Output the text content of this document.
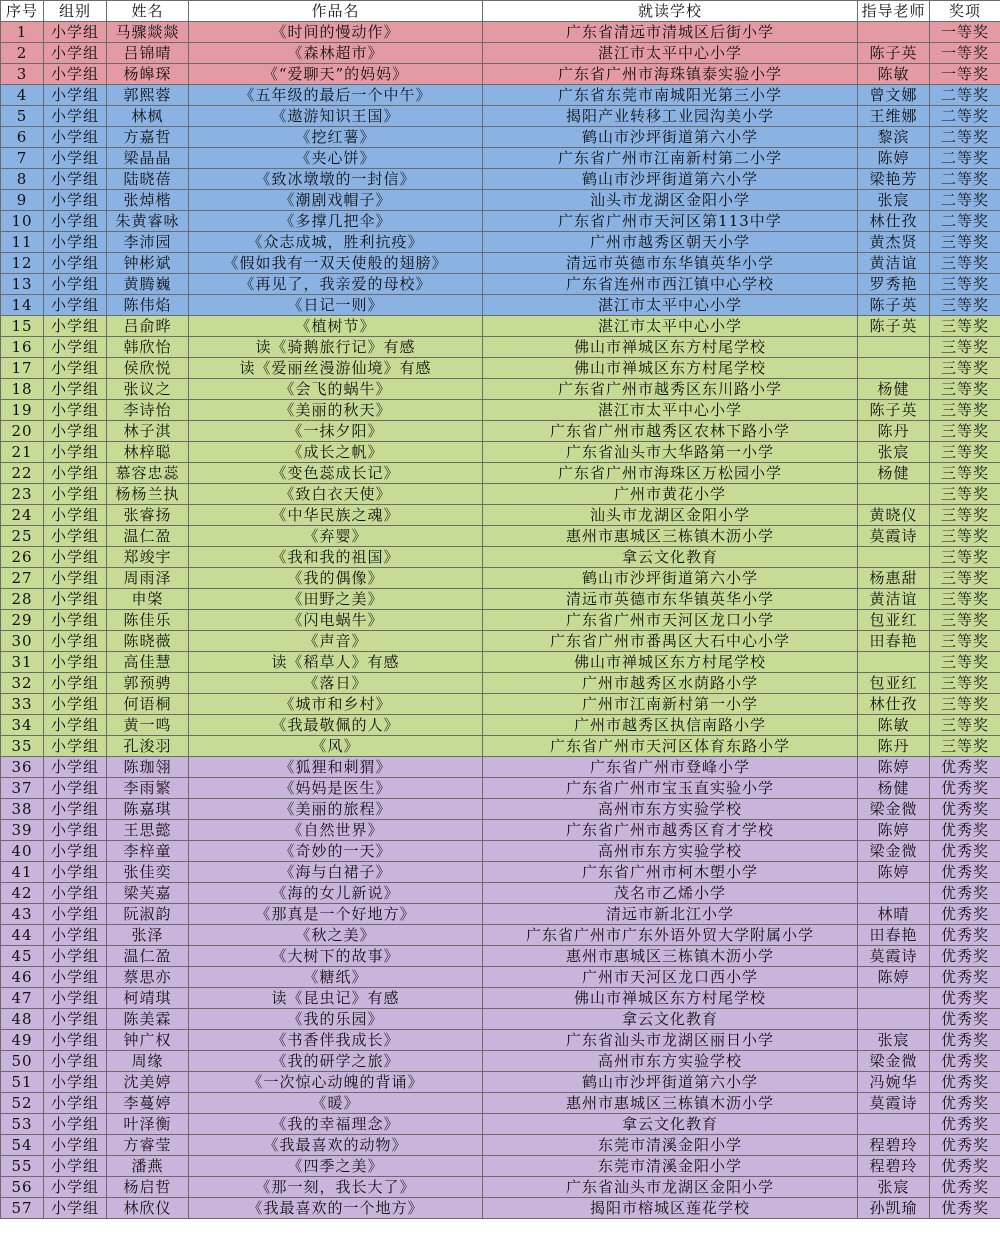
序号	组别	姓名	作品名	就读学校	指导老师	奖项
1	小学组	马骤燚燚	《时间的慢动作》	广东省清远市清城区后街小学		一等奖
2	小学组	吕锦晴	《森林超市》	湛江市太平中心小学	陈子英	一等奖
3	小学组	杨皞琛	《“爱聊天”的妈妈》	广东省广州市海珠镇泰实验小学	陈敏	一等奖
4	小学组	郭熙蓉	《五年级的最后一个中午》	广东省东莞市南城阳光第三小学	曾文娜	二等奖
5	小学组	林枫	《遨游知识王国》	揭阳产业转移工业园沟美小学	王维娜	二等奖
6	小学组	方嘉哲	《挖红薯》	鹤山市沙坪街道第六小学	黎滨	二等奖
7	小学组	梁晶晶	《夹心饼》	广东省广州市江南新村第二小学	陈婷	二等奖
8	小学组	陆晓蓓	《致冰墩墩的一封信》	鹤山市沙坪街道第六小学	梁艳芳	二等奖
9	小学组	张焯楷	《潮剧戏帽子》	汕头市龙湖区金阳小学	张宸	二等奖
10	小学组	朱黄睿咏	《多撑几把伞》	广东省广州市天河区第113中学	林仕孜	二等奖
11	小学组	李沛园	《众志成城，胜利抗疫》	广州市越秀区朝天小学	黄杰贤	三等奖
12	小学组	钟彬斌	《假如我有一双天使般的翅膀》	清远市英德市东华镇英华小学	黄洁谊	三等奖
13	小学组	黄腾巍	《再见了，我亲爱的母校》	广东省连州市西江镇中心学校	罗秀艳	三等奖
14	小学组	陈伟焰	《日记一则》	湛江市太平中心小学	陈子英	三等奖
15	小学组	吕俞晔	《植树节》	湛江市太平中心小学	陈子英	三等奖
16	小学组	韩欣怡	读《骑鹅旅行记》有感	佛山市禅城区东方村尾学校		三等奖
17	小学组	侯欣悦	读《爱丽丝漫游仙境》有感	佛山市禅城区东方村尾学校		三等奖
18	小学组	张议之	《会飞的蜗牛》	广东省广州市越秀区东川路小学	杨健	三等奖
19	小学组	李诗怡	《美丽的秋天》	湛江市太平中心小学	陈子英	三等奖
20	小学组	林子淇	《一抹夕阳》	广东省广州市越秀区农林下路小学	陈丹	三等奖
21	小学组	林梓聪	《成长之帆》	广东省汕头市大华路第一小学	张宸	三等奖
22	小学组	慕容忠蕊	《变色蕊成长记》	广东省广州市海珠区万松园小学	杨健	三等奖
23	小学组	杨杨兰执	《致白衣天使》	广州市黄花小学		三等奖
24	小学组	张睿扬	《中华民族之魂》	汕头市龙湖区金阳小学	黄晓仪	三等奖
25	小学组	温仁盈	《弃婴》	惠州市惠城区三栋镇木沥小学	莫霞诗	三等奖
26	小学组	郑竣宇	《我和我的祖国》	拿云文化教育		三等奖
27	小学组	周雨泽	《我的偶像》	鹤山市沙坪街道第六小学	杨惠甜	三等奖
28	小学组	申棨	《田野之美》	清远市英德市东华镇英华小学	黄洁谊	三等奖
29	小学组	陈佳乐	《闪电蜗牛》	广东省广州市天河区龙口小学	包亚红	三等奖
30	小学组	陈晓薇	《声音》	广东省广州市番禺区大石中心小学	田春艳	三等奖
31	小学组	高佳慧	读《稻草人》有感	佛山市禅城区东方村尾学校		三等奖
32	小学组	郭预骋	《落日》	广州市越秀区水荫路小学	包亚红	三等奖
33	小学组	何语桐	《城市和乡村》	广州市江南新村第一小学	林仕孜	三等奖
34	小学组	黄一鸣	《我最敬佩的人》	广州市越秀区执信南路小学	陈敏	三等奖
35	小学组	孔浚羽	《风》	广东省广州市天河区体育东路小学	陈丹	三等奖
36	小学组	陈珈翎	《狐狸和刺猬》	广东省广州市登峰小学	陈婷	优秀奖
37	小学组	李雨繁	《妈妈是医生》	广东省广州市宝玉直实验小学	杨健	优秀奖
38	小学组	陈嘉琪	《美丽的旅程》	高州市东方实验学校	梁金微	优秀奖
39	小学组	王思懿	《自然世界》	广东省广州市越秀区育才学校	陈婷	优秀奖
40	小学组	李梓童	《奇妙的一天》	高州市东方实验学校	梁金微	优秀奖
41	小学组	张佳奕	《海与白裙子》	广东省广州市柯木塱小学	陈婷	优秀奖
42	小学组	梁芙嘉	《海的女儿新说》	茂名市乙烯小学		优秀奖
43	小学组	阮淑韵	《那真是一个好地方》	清远市新北江小学	林晴	优秀奖
44	小学组	张泽	《秋之美》	广东省广州市广东外语外贸大学附属小学	田春艳	优秀奖
45	小学组	温仁盈	《大树下的故事》	惠州市惠城区三栋镇木沥小学	莫霞诗	优秀奖
46	小学组	蔡思亦	《糖纸》	广州市天河区龙口西小学	陈婷	优秀奖
47	小学组	柯靖琪	读《昆虫记》有感	佛山市禅城区东方村尾学校		优秀奖
48	小学组	陈美霖	《我的乐园》	拿云文化教育		优秀奖
49	小学组	钟广权	《书香伴我成长》	广东省汕头市龙湖区丽日小学	张宸	优秀奖
50	小学组	周缘	《我的研学之旅》	高州市东方实验学校	梁金微	优秀奖
51	小学组	沈美婷	《一次惊心动魄的背诵》	鹤山市沙坪街道第六小学	冯婉华	优秀奖
52	小学组	李蔓婷	《暖》	惠州市惠城区三栋镇木沥小学	莫霞诗	优秀奖
53	小学组	叶泽衡	《我的幸福理念》	拿云文化教育		优秀奖
54	小学组	方睿莹	《我最喜欢的动物》	东莞市清溪金阳小学	程碧玲	优秀奖
55	小学组	潘燕	《四季之美》	东莞市清溪金阳小学	程碧玲	优秀奖
56	小学组	杨启哲	《那一刻，我长大了》	广东省汕头市龙湖区金阳小学	张宸	优秀奖
57	小学组	林欣仪	《我最喜欢的一个地方》	揭阳市榕城区莲花学校	孙凯瑜	优秀奖
